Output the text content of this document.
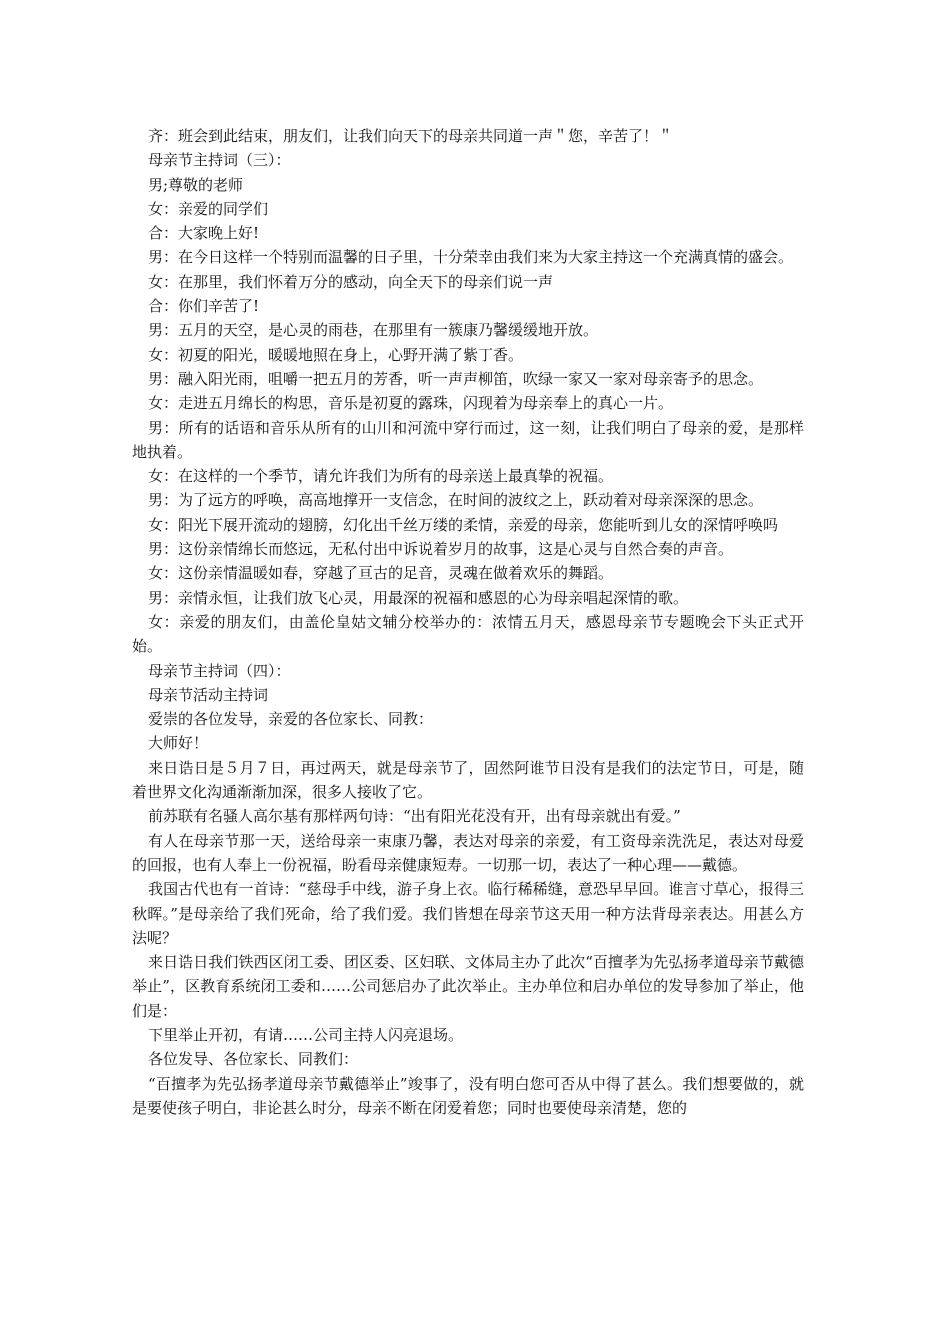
齐：班会到此结束，朋友们，让我们向天下的母亲共同道一声＂您，辛苦了！＂

母亲节主持词（三）：

男;尊敬的老师

女：亲爱的同学们

合：大家晚上好!

男：在今日这样一个特别而温馨的日子里，十分荣幸由我们来为大家主持这一个充满真情的盛会。

女：在那里，我们怀着万分的感动，向全天下的母亲们说一声

合：你们辛苦了!

男：五月的天空，是心灵的雨巷，在那里有一簇康乃馨缓缓地开放。

女：初夏的阳光，暖暖地照在身上，心野开满了紫丁香。

男：融入阳光雨，咀嚼一把五月的芳香，听一声声柳笛，吹绿一家又一家对母亲寄予的思念。

女：走进五月绵长的构思，音乐是初夏的露珠，闪现着为母亲奉上的真心一片。

男：所有的话语和音乐从所有的山川和河流中穿行而过，这一刻，让我们明白了母亲的爱，是那样地执着。

女：在这样的一个季节，请允许我们为所有的母亲送上最真挚的祝福。

男：为了远方的呼唤，高高地撑开一支信念，在时间的波纹之上，跃动着对母亲深深的思念。

女：阳光下展开流动的翅膀，幻化出千丝万缕的柔情，亲爱的母亲，您能听到儿女的深情呼唤吗

男：这份亲情绵长而悠远，无私付出中诉说着岁月的故事，这是心灵与自然合奏的声音。

女：这份亲情温暖如春，穿越了亘古的足音，灵魂在做着欢乐的舞蹈。

男：亲情永恒，让我们放飞心灵，用最深的祝福和感恩的心为母亲唱起深情的歌。

女：亲爱的朋友们，由盖伦皇姑文辅分校举办的：浓情五月天，感恩母亲节专题晚会下头正式开始。

母亲节主持词（四）：

母亲节活动主持词

爱崇的各位发导，亲爱的各位家长、同教：

大师好！

来日诰日是５月７日，再过两天，就是母亲节了，固然阿谁节日没有是我们的法定节日，可是，随着世界文化沟通渐渐加深，很多人接收了它。

前苏联有名骚人高尔基有那样两句诗：“出有阳光花没有开，出有母亲就出有爱。”

有人在母亲节那一天，送给母亲一束康乃馨，表达对母亲的亲爱，有工资母亲洗洗足，表达对母爱的回报，也有人奉上一份祝福，盼看母亲健康短寿。一切那一切，表达了一种心理——戴德。

我国古代也有一首诗：“慈母手中线，游子身上衣。临行稀稀缝，意恐早早回。谁言寸草心，报得三秋晖。”是母亲给了我们死命，给了我们爱。我们皆想在母亲节这天用一种方法背母亲表达。用甚么方法呢？

来日诰日我们铁西区闭工委、团区委、区妇联、文体局主办了此次“百擅孝为先弘扬孝道母亲节戴德举止”，区教育系统闭工委和……公司惩启办了此次举止。主办单位和启办单位的发导参加了举止，他们是：

下里举止开初，有请……公司主持人闪亮退场。

各位发导、各位家长、同教们：

“百擅孝为先弘扬孝道母亲节戴德举止”竣事了，没有明白您可否从中得了甚么。我们想要做的，就是要使孩子明白，非论甚么时分，母亲不断在闭爱着您；同时也要使母亲清楚，您的
